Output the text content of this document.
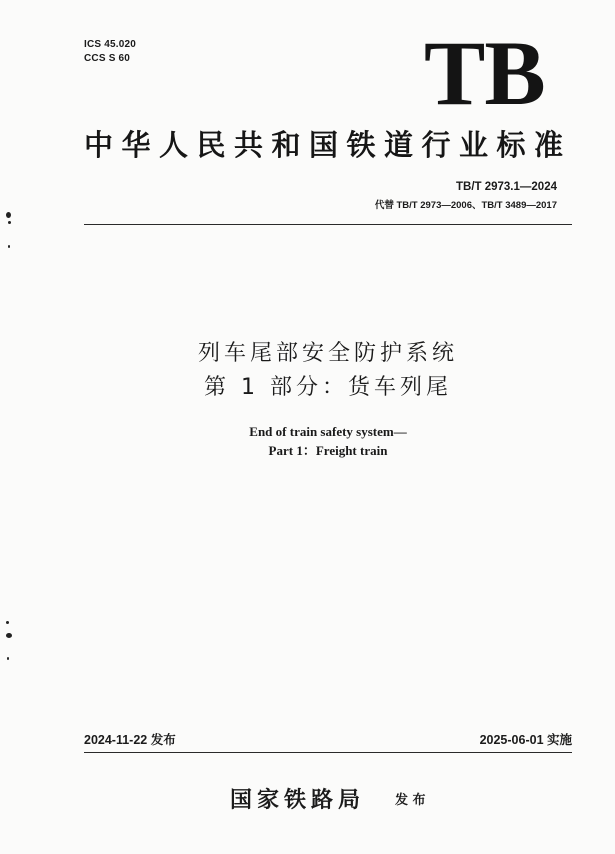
ICS 45.020
CCS S 60	TB
中华人民共和国铁道行业标准
TB/T 2973.1—2024
代替 TB/T 2973—2006、TB/T 3489—2017
列车尾部安全防护系统
第 1 部分：货车列尾
End of train safety system—
Part 1：Freight train
2024-11-22 发布	2025-06-01 实施
国家铁路局 发 布
